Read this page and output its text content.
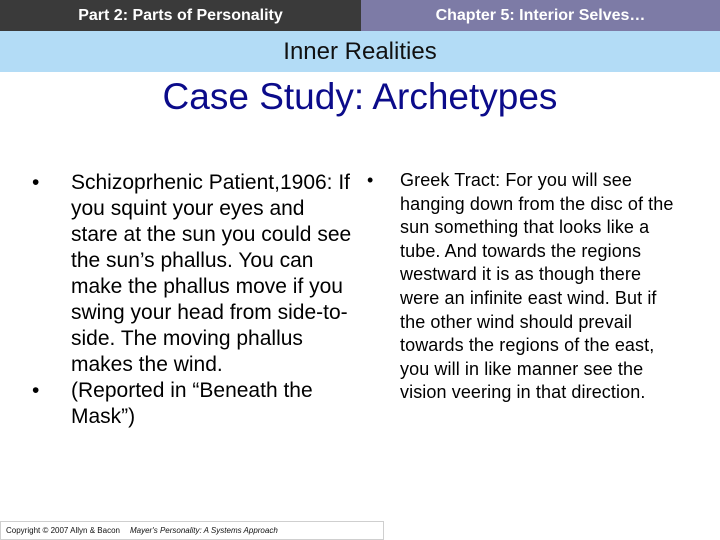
Part 2: Parts of Personality	Chapter 5: Interior Selves…
Inner Realities
Case Study: Archetypes
• Schizoprhenic Patient,1906: If you squint your eyes and stare at the sun you could see the sun’s phallus. You can make the phallus move if you swing your head from side-to-side. The moving phallus makes the wind.
• (Reported in “Beneath the Mask”)
• Greek Tract: For you will see hanging down from the disc of the sun something that looks like a tube. And towards the regions westward it is as though there were an infinite east wind. But if the other wind should prevail towards the regions of the east, you will in like manner see the vision veering in that direction.
Copyright © 2007 Allyn & Bacon Mayer's Personality: A Systems Approach
